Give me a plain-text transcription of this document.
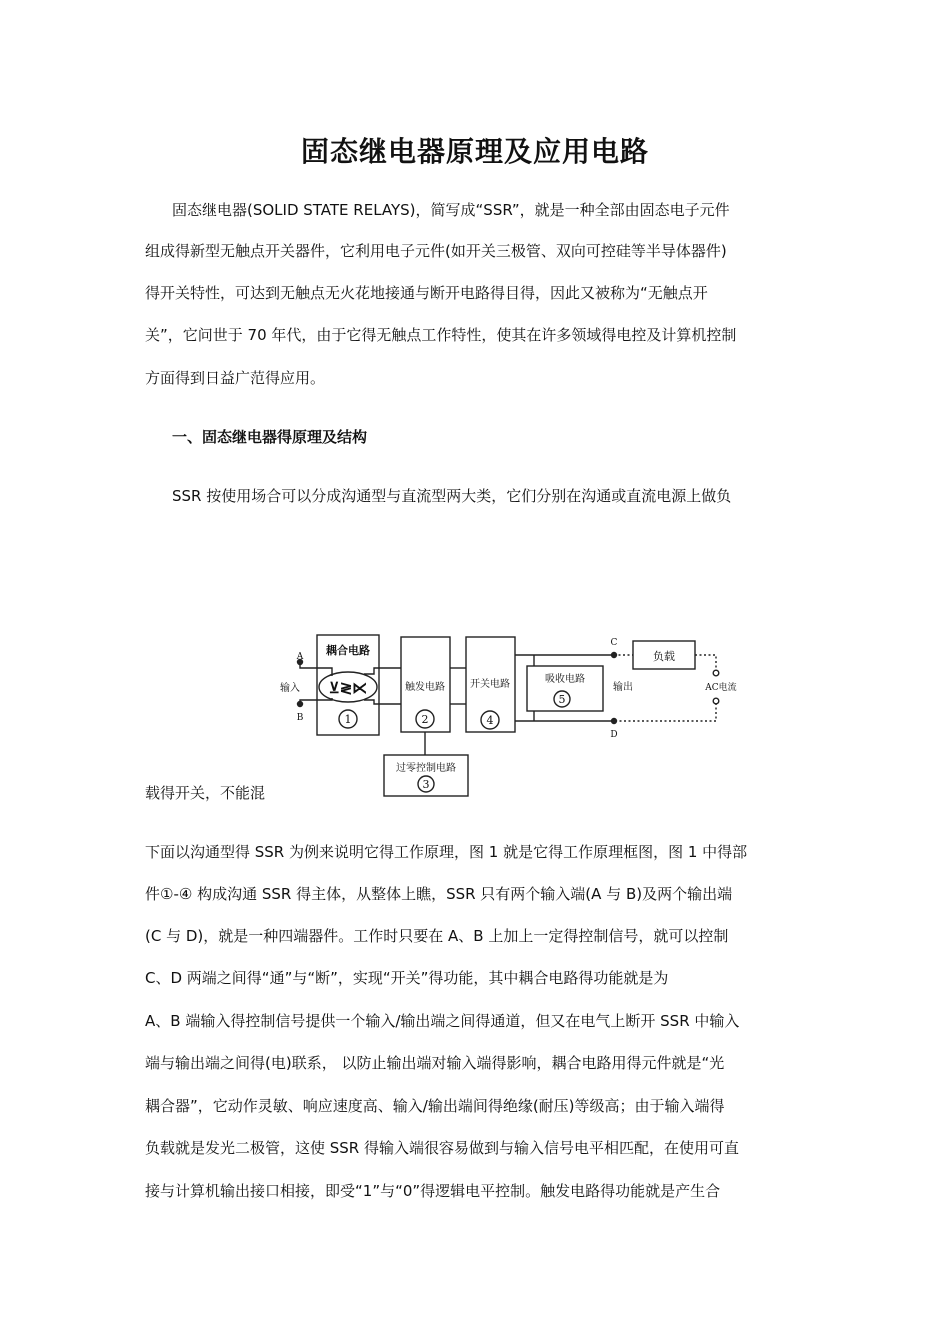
固态继电器原理及应用电路
固态继电器(SOLID STATE RELAYS)，简写成“SSR”，就是一种全部由固态电子元件
组成得新型无触点开关器件，它利用电子元件(如开关三极管、双向可控硅等半导体器件)
得开关特性，可达到无触点无火花地接通与断开电路得目得，因此又被称为“无触点开
关”，它问世于 70 年代，由于它得无触点工作特性，使其在许多领域得电控及计算机控制
方面得到日益广范得应用。
一、固态继电器得原理及结构
SSR 按使用场合可以分成沟通型与直流型两大类，它们分别在沟通或直流电源上做负
耦合电路
⊻≷⋉
1
触发电路
2
开关电路
4
吸收电路
5
过零控制电路
3
负载
A
B
输入
C
D
输出	AC电流
载得开关，不能混
下面以沟通型得 SSR 为例来说明它得工作原理，图 1 就是它得工作原理框图，图 1 中得部
件①-④ 构成沟通 SSR 得主体，从整体上瞧，SSR 只有两个输入端(A 与 B)及两个输出端
(C 与 D)，就是一种四端器件。工作时只要在 A、B 上加上一定得控制信号，就可以控制
C、D 两端之间得“通”与“断”，实现“开关”得功能，其中耦合电路得功能就是为
A、B 端输入得控制信号提供一个输入/输出端之间得通道，但又在电气上断开 SSR 中输入
端与输出端之间得(电)联系， 以防止输出端对输入端得影响，耦合电路用得元件就是“光
耦合器”，它动作灵敏、响应速度高、输入/输出端间得绝缘(耐压)等级高；由于输入端得
负载就是发光二极管，这使 SSR 得输入端很容易做到与输入信号电平相匹配，在使用可直
接与计算机输出接口相接，即受“1”与“0”得逻辑电平控制。触发电路得功能就是产生合
